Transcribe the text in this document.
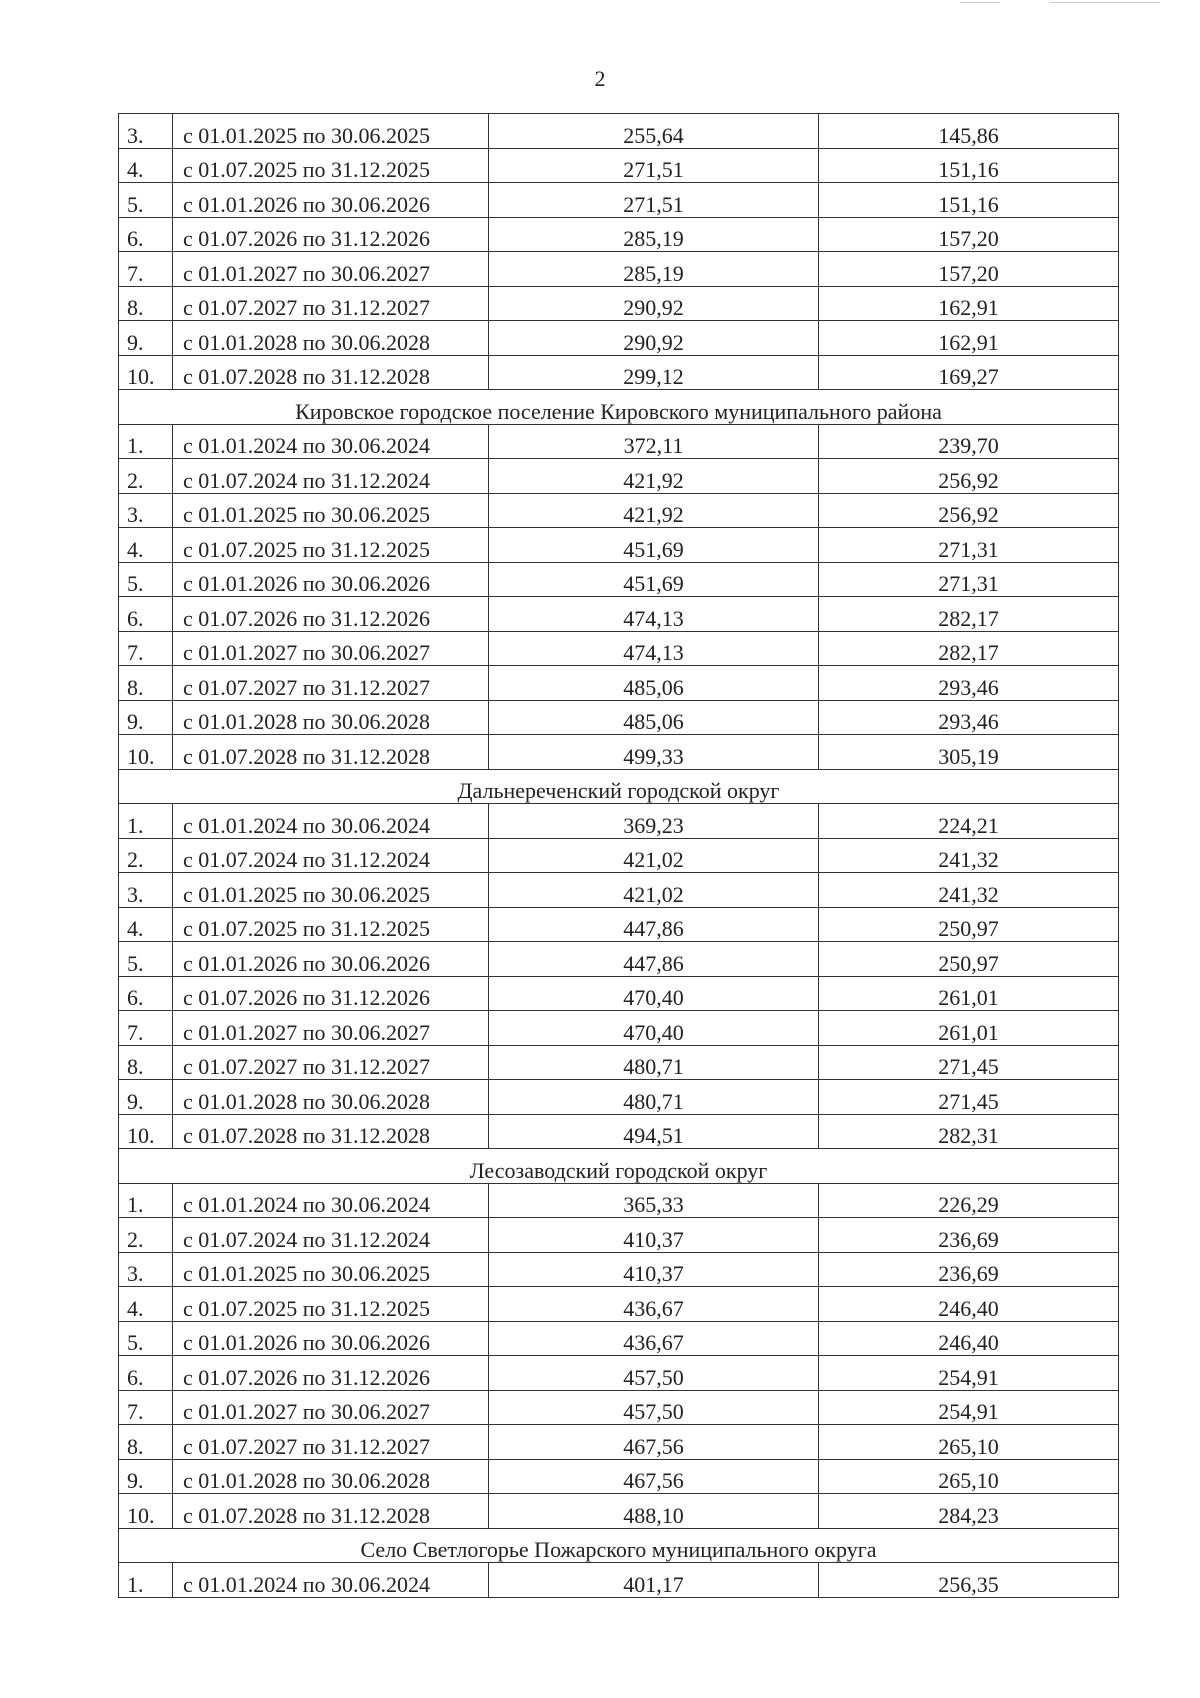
2
3.	с 01.01.2025 по 30.06.2025	255,64	145,86
4.	с 01.07.2025 по 31.12.2025	271,51	151,16
5.	с 01.01.2026 по 30.06.2026	271,51	151,16
6.	с 01.07.2026 по 31.12.2026	285,19	157,20
7.	с 01.01.2027 по 30.06.2027	285,19	157,20
8.	с 01.07.2027 по 31.12.2027	290,92	162,91
9.	с 01.01.2028 по 30.06.2028	290,92	162,91
10.	с 01.07.2028 по 31.12.2028	299,12	169,27
Кировское городское поселение Кировского муниципального района			
1.	с 01.01.2024 по 30.06.2024	372,11	239,70
2.	с 01.07.2024 по 31.12.2024	421,92	256,92
3.	с 01.01.2025 по 30.06.2025	421,92	256,92
4.	с 01.07.2025 по 31.12.2025	451,69	271,31
5.	с 01.01.2026 по 30.06.2026	451,69	271,31
6.	с 01.07.2026 по 31.12.2026	474,13	282,17
7.	с 01.01.2027 по 30.06.2027	474,13	282,17
8.	с 01.07.2027 по 31.12.2027	485,06	293,46
9.	с 01.01.2028 по 30.06.2028	485,06	293,46
10.	с 01.07.2028 по 31.12.2028	499,33	305,19
Дальнереченский городской округ			
1.	с 01.01.2024 по 30.06.2024	369,23	224,21
2.	с 01.07.2024 по 31.12.2024	421,02	241,32
3.	с 01.01.2025 по 30.06.2025	421,02	241,32
4.	с 01.07.2025 по 31.12.2025	447,86	250,97
5.	с 01.01.2026 по 30.06.2026	447,86	250,97
6.	с 01.07.2026 по 31.12.2026	470,40	261,01
7.	с 01.01.2027 по 30.06.2027	470,40	261,01
8.	с 01.07.2027 по 31.12.2027	480,71	271,45
9.	с 01.01.2028 по 30.06.2028	480,71	271,45
10.	с 01.07.2028 по 31.12.2028	494,51	282,31
Лесозаводский городской округ			
1.	с 01.01.2024 по 30.06.2024	365,33	226,29
2.	с 01.07.2024 по 31.12.2024	410,37	236,69
3.	с 01.01.2025 по 30.06.2025	410,37	236,69
4.	с 01.07.2025 по 31.12.2025	436,67	246,40
5.	с 01.01.2026 по 30.06.2026	436,67	246,40
6.	с 01.07.2026 по 31.12.2026	457,50	254,91
7.	с 01.01.2027 по 30.06.2027	457,50	254,91
8.	с 01.07.2027 по 31.12.2027	467,56	265,10
9.	с 01.01.2028 по 30.06.2028	467,56	265,10
10.	с 01.07.2028 по 31.12.2028	488,10	284,23
Село Светлогорье Пожарского муниципального округа			
1.	с 01.01.2024 по 30.06.2024	401,17	256,35
